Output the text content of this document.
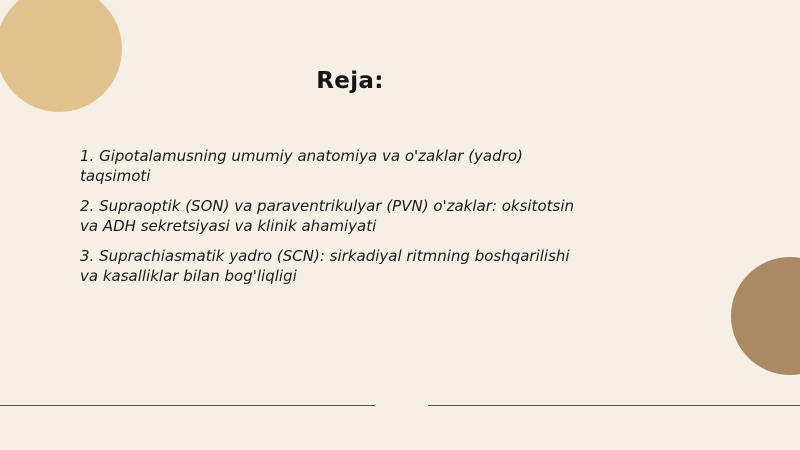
Reja:
1. Gipotalamusning umumiy anatomiya va o'zaklar (yadro) taqsimoti
2. Supraoptik (SON) va paraventrikulyar (PVN) o'zaklar: oksitotsin va ADH sekretsiyasi va klinik ahamiyati
3. Suprachiasmatik yadro (SCN): sirkadiyal ritmning boshqarilishi va kasalliklar bilan bog'liqligi
